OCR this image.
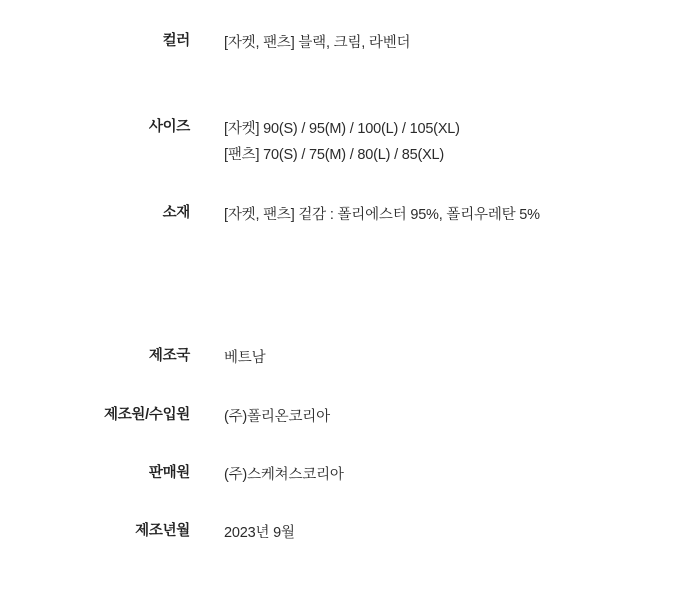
컬러 [자켓, 팬츠] 블랙, 크림, 라벤더
사이즈 [자켓] 90(S) / 95(M) / 100(L) / 105(XL)
[팬츠] 70(S) / 75(M) / 80(L) / 85(XL)
소재 [자켓, 팬츠] 겉감 : 폴리에스터 95%, 폴리우레탄 5%
제조국 베트남
제조원/수입원 (주)폴리온코리아
판매원 (주)스케쳐스코리아
제조년월 2023년 9월
